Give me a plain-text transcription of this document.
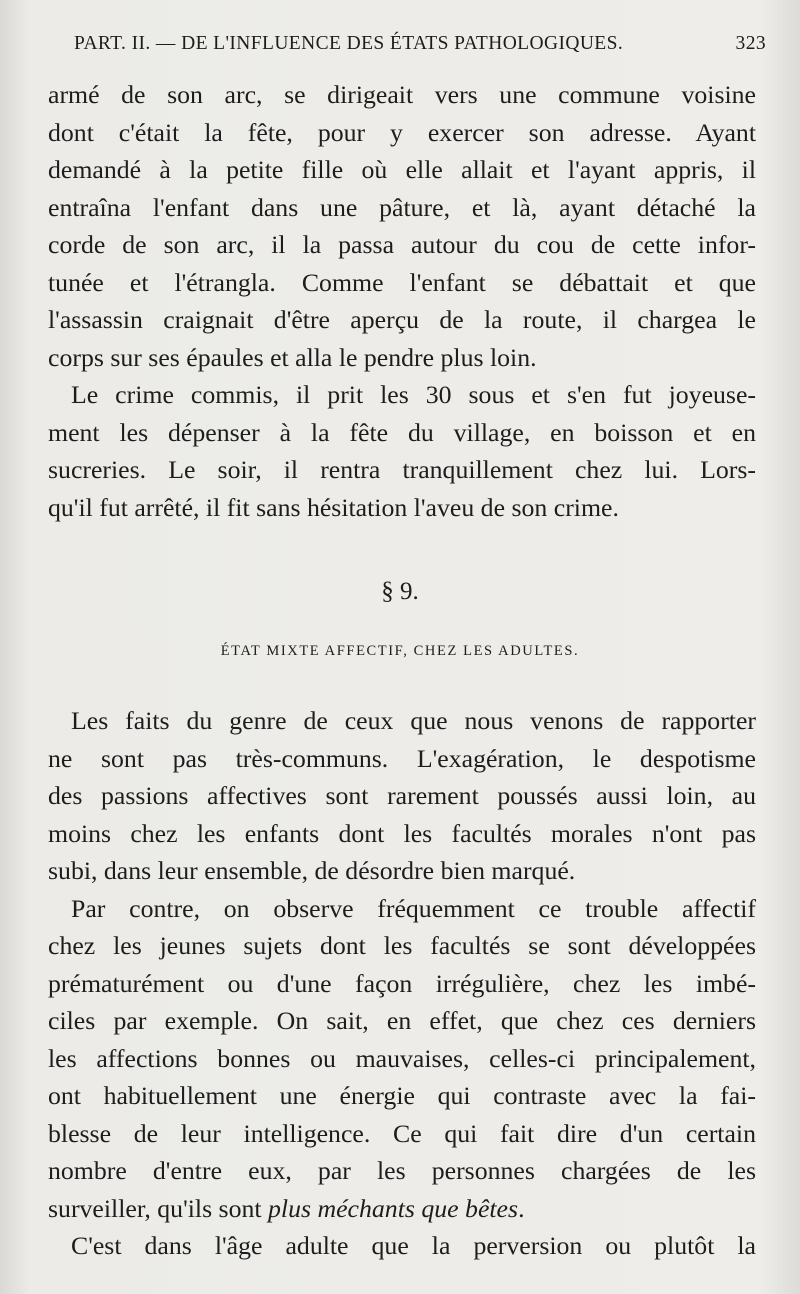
PART. II. — DE L'INFLUENCE DES ÉTATS PATHOLOGIQUES.	323
armé de son arc, se dirigeait vers une commune voisine
dont c'était la fête, pour y exercer son adresse. Ayant
demandé à la petite fille où elle allait et l'ayant appris, il
entraîna l'enfant dans une pâture, et là, ayant détaché la
corde de son arc, il la passa autour du cou de cette infor-
tunée et l'étrangla. Comme l'enfant se débattait et que
l'assassin craignait d'être aperçu de la route, il chargea le
corps sur ses épaules et alla le pendre plus loin.
Le crime commis, il prit les 30 sous et s'en fut joyeuse-
ment les dépenser à la fête du village, en boisson et en
sucreries. Le soir, il rentra tranquillement chez lui. Lors-
qu'il fut arrêté, il fit sans hésitation l'aveu de son crime.
§ 9.
ÉTAT MIXTE AFFECTIF, CHEZ LES ADULTES.
Les faits du genre de ceux que nous venons de rapporter
ne sont pas très-communs. L'exagération, le despotisme
des passions affectives sont rarement poussés aussi loin, au
moins chez les enfants dont les facultés morales n'ont pas
subi, dans leur ensemble, de désordre bien marqué.
Par contre, on observe fréquemment ce trouble affectif
chez les jeunes sujets dont les facultés se sont développées
prématurément ou d'une façon irrégulière, chez les imbé-
ciles par exemple. On sait, en effet, que chez ces derniers
les affections bonnes ou mauvaises, celles-ci principalement,
ont habituellement une énergie qui contraste avec la fai-
blesse de leur intelligence. Ce qui fait dire d'un certain
nombre d'entre eux, par les personnes chargées de les
surveiller, qu'ils sont plus méchants que bêtes.
C'est dans l'âge adulte que la perversion ou plutôt la
